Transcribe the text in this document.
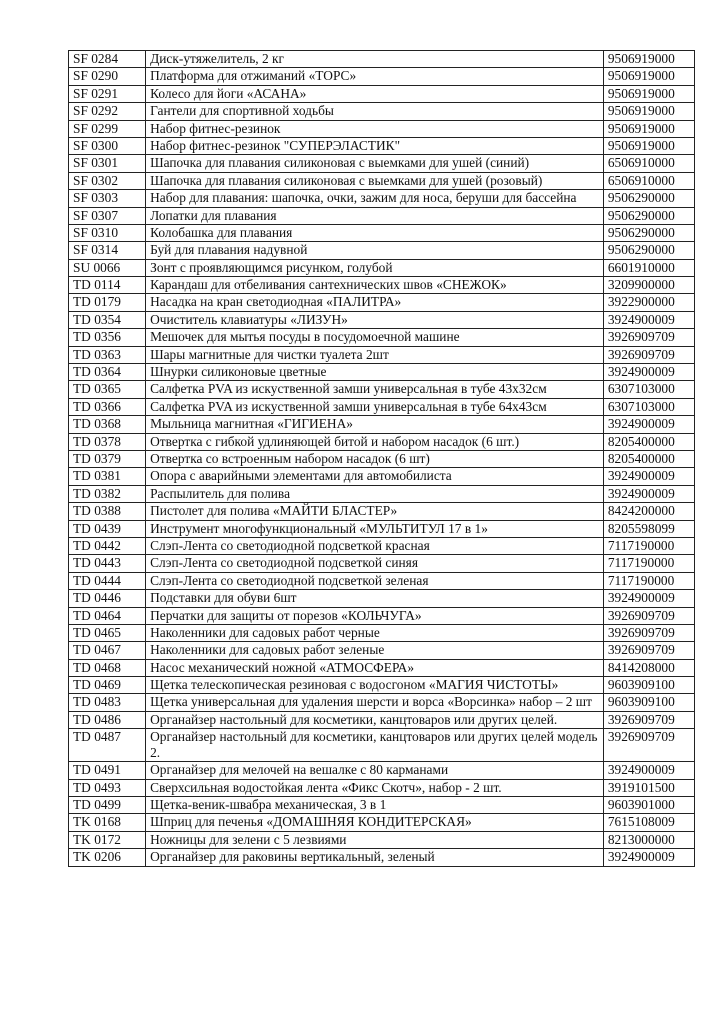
SF 0284	Диск-утяжелитель, 2 кг	9506919000
SF 0290	Платформа для отжиманий «ТОРС»	9506919000
SF 0291	Колесо для йоги «АСАНА»	9506919000
SF 0292	Гантели для спортивной ходьбы	9506919000
SF 0299	Набор фитнес-резинок	9506919000
SF 0300	Набор фитнес-резинок "СУПЕРЭЛАСТИК"	9506919000
SF 0301	Шапочка для плавания силиконовая с выемками для ушей (синий)	6506910000
SF 0302	Шапочка для плавания силиконовая с выемками для ушей (розовый)	6506910000
SF 0303	Набор для плавания: шапочка, очки, зажим для носа, беруши для бассейна	9506290000
SF 0307	Лопатки для плавания	9506290000
SF 0310	Колобашка для плавания	9506290000
SF 0314	Буй для плавания надувной	9506290000
SU 0066	Зонт с проявляющимся рисунком, голубой	6601910000
TD 0114	Карандаш для отбеливания сантехнических швов «СНЕЖОК»	3209900000
TD 0179	Насадка на кран светодиодная «ПАЛИТРА»	3922900000
TD 0354	Очиститель клавиатуры «ЛИЗУН»	3924900009
TD 0356	Мешочек для мытья посуды в посудомоечной машине	3926909709
TD 0363	Шары магнитные для чистки туалета 2шт	3926909709
TD 0364	Шнурки силиконовые цветные	3924900009
TD 0365	Салфетка PVA из искуственной замши универсальная в тубе 43х32см	6307103000
TD 0366	Салфетка PVA из искуственной замши универсальная в тубе 64х43см	6307103000
TD 0368	Мыльница магнитная «ГИГИЕНА»	3924900009
TD 0378	Отвертка с гибкой удлиняющей битой и набором насадок (6 шт.)	8205400000
TD 0379	Отвертка со встроенным набором насадок (6 шт)	8205400000
TD 0381	Опора с аварийными элементами для автомобилиста	3924900009
TD 0382	Распылитель для полива	3924900009
TD 0388	Пистолет для полива «МАЙТИ БЛАСТЕР»	8424200000
TD 0439	Инструмент многофункциональный «МУЛЬТИТУЛ 17 в 1»	8205598099
TD 0442	Слэп-Лента со светодиодной подсветкой красная	7117190000
TD 0443	Слэп-Лента со светодиодной подсветкой синяя	7117190000
TD 0444	Слэп-Лента со светодиодной подсветкой зеленая	7117190000
TD 0446	Подставки для обуви 6шт	3924900009
TD 0464	Перчатки для защиты от порезов «КОЛЬЧУГА»	3926909709
TD 0465	Наколенники для садовых работ черные	3926909709
TD 0467	Наколенники для садовых работ зеленые	3926909709
TD 0468	Насос механический ножной «АТМОСФЕРА»	8414208000
TD 0469	Щетка телескопическая резиновая с водосгоном «МАГИЯ ЧИСТОТЫ»	9603909100
TD 0483	Щетка универсальная для удаления шерсти и ворса «Ворсинка» набор – 2 шт	9603909100
TD 0486	Органайзер настольный для косметики, канцтоваров или других целей.	3926909709
TD 0487	Органайзер настольный для косметики, канцтоваров или других целей модель 2.	3926909709
TD 0491	Органайзер для мелочей на вешалке с 80 карманами	3924900009
TD 0493	Сверхсильная водостойкая лента «Фикс Скотч», набор - 2 шт.	3919101500
TD 0499	Щетка-веник-швабра механическая, 3 в 1	9603901000
TK 0168	Шприц для печенья «ДОМАШНЯЯ КОНДИТЕРСКАЯ»	7615108009
TK 0172	Ножницы для зелени с 5 лезвиями	8213000000
TK 0206	Органайзер для раковины вертикальный, зеленый	3924900009
